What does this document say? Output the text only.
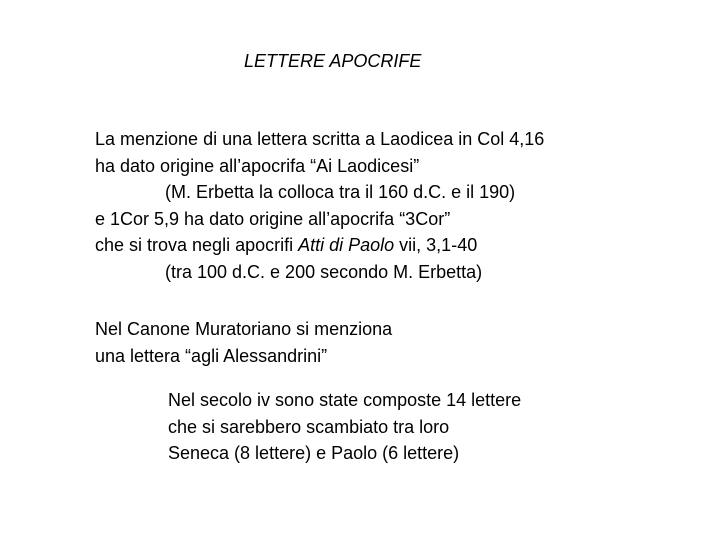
LETTERE APOCRIFE
La menzione di una lettera scritta a Laodicea in Col 4,16
ha dato origine all’apocrifa “Ai Laodicesi”
(M. Erbetta la colloca tra il 160 d.C. e il 190)
e 1Cor 5,9 ha dato origine all’apocrifa “3Cor”
che si trova negli apocrifi Atti di Paolo vii, 3,1‑40
(tra 100 d.C. e 200 secondo M. Erbetta)
Nel Canone Muratoriano si menziona
una lettera “agli Alessandrini”
Nel secolo iv sono state composte 14 lettere
che si sarebbero scambiato tra loro
Seneca (8 lettere) e Paolo (6 lettere)
